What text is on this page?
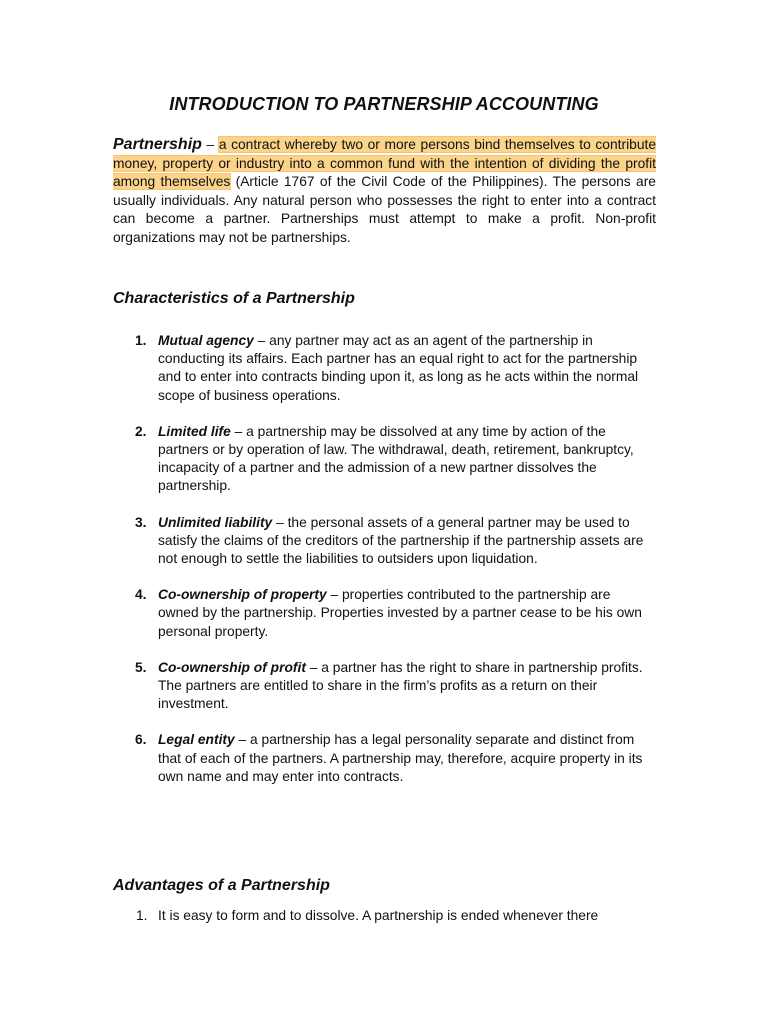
INTRODUCTION TO PARTNERSHIP ACCOUNTING

Partnership – a contract whereby two or more persons bind themselves to contribute money, property or industry into a common fund with the intention of dividing the profit among themselves (Article 1767 of the Civil Code of the Philippines). The persons are usually individuals. Any natural person who possesses the right to enter into a contract can become a partner. Partnerships must attempt to make a profit. Non-profit organizations may not be partnerships.

Characteristics of a Partnership
1. Mutual agency – any partner may act as an agent of the partnership in conducting its affairs. Each partner has an equal right to act for the partnership and to enter into contracts binding upon it, as long as he acts within the normal scope of business operations.
2. Limited life – a partnership may be dissolved at any time by action of the partners or by operation of law. The withdrawal, death, retirement, bankruptcy, incapacity of a partner and the admission of a new partner dissolves the partnership.
3. Unlimited liability – the personal assets of a general partner may be used to satisfy the claims of the creditors of the partnership if the partnership assets are not enough to settle the liabilities to outsiders upon liquidation.
4. Co-ownership of property – properties contributed to the partnership are owned by the partnership. Properties invested by a partner cease to be his own personal property.
5. Co-ownership of profit – a partner has the right to share in partnership profits. The partners are entitled to share in the firm’s profits as a return on their investment.
6. Legal entity – a partnership has a legal personality separate and distinct from that of each of the partners. A partnership may, therefore, acquire property in its own name and may enter into contracts.
Advantages of a Partnership
1. It is easy to form and to dissolve. A partnership is ended whenever there
